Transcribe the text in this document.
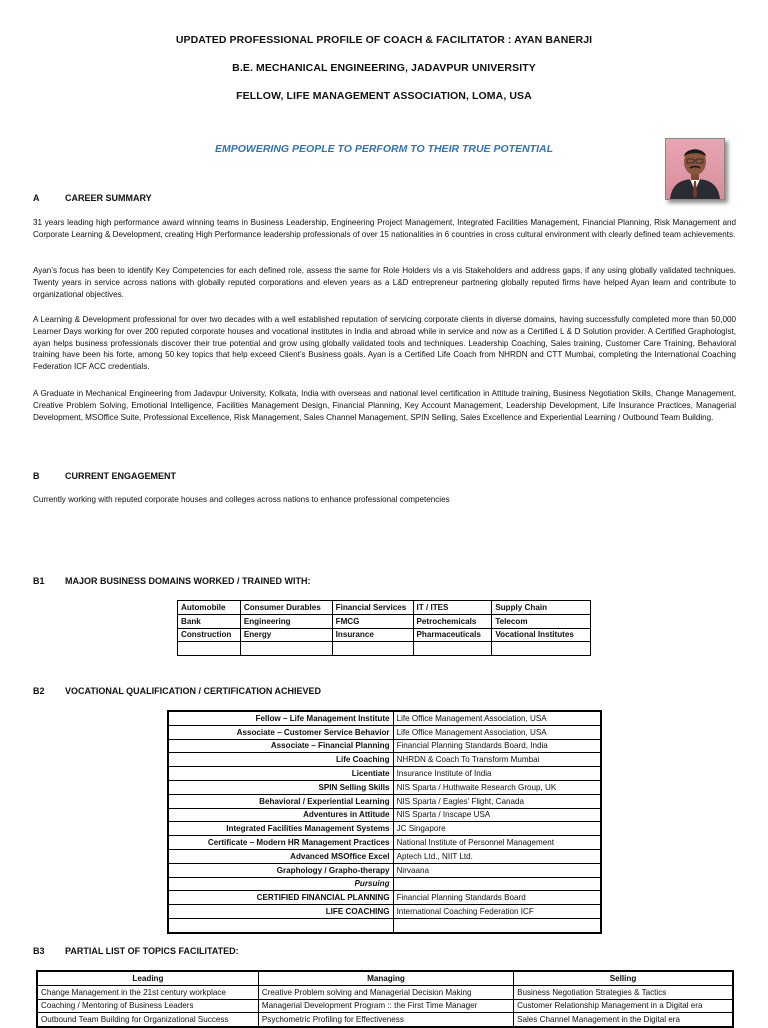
UPDATED PROFESSIONAL PROFILE OF COACH & FACILITATOR : AYAN BANERJI
B.E. MECHANICAL ENGINEERING, JADAVPUR UNIVERSITY
FELLOW, LIFE MANAGEMENT ASSOCIATION, LOMA, USA
EMPOWERING PEOPLE TO PERFORM TO THEIR TRUE POTENTIAL
A	CAREER SUMMARY
31 years leading high performance award winning teams in Business Leadership, Engineering Project Management, Integrated Facilities Management, Financial Planning, Risk Management and Corporate Learning & Development, creating High Performance leadership professionals of over 15 nationalities in 6 countries in cross cultural environment with clearly defined team achievements.
Ayan’s focus has been to identify Key Competencies for each defined role, assess the same for Role Holders vis a vis Stakeholders and address gaps, if any using globally validated techniques. Twenty years in service across nations with globally reputed corporations and eleven years as a L&D entrepreneur partnering globally reputed firms have helped Ayan learn and contribute to organizational objectives.
A Learning & Development professional for over two decades with a well established reputation of servicing corporate clients in diverse domains, having successfully completed more than 50,000 Learner Days working for over 200 reputed corporate houses and vocational institutes in India and abroad while in service and now as a Certified L & D Solution provider. A Certified Graphologist, ayan helps business professionals discover their true potential and grow using globally validated tools and techniques. Leadership Coaching, Sales training, Customer Care Training, Behavioral training have been his forte, among 50 key topics that help exceed Client’s Business goals. Ayan is a Certified Life Coach from NHRDN and CTT Mumbai, completing the International Coaching Federation ICF ACC credentials.
A Graduate in Mechanical Engineering from Jadavpur University, Kolkata, India with overseas and national level certification in Attitude training, Business Negotiation Skills, Change Management, Creative Problem Solving, Emotional Intelligence, Facilities Management Design, Financial Planning, Key Account Management, Leadership Development, Life Insurance Practices, Managerial Development, MSOffice Suite, Professional Excellence, Risk Management, Sales Channel Management, SPIN Selling, Sales Excellence and Experiential Learning / Outbound Team Building.
B	CURRENT ENGAGEMENT
Currently working with reputed corporate houses and colleges across nations to enhance professional competencies
B1 MAJOR BUSINESS DOMAINS WORKED / TRAINED WITH:
Automobile	Consumer Durables	Financial Services	IT / ITES	Supply Chain
Bank	Engineering	FMCG	Petrochemicals	Telecom
Construction	Energy	Insurance	Pharmaceuticals	Vocational Institutes

B2 VOCATIONAL QUALIFICATION / CERTIFICATION ACHIEVED
Fellow – Life Management Institute	Life Office Management Association, USA
Associate – Customer Service Behavior	Life Office Management Association, USA
Associate – Financial Planning	Financial Planning Standards Board, India
Life Coaching	NHRDN & Coach To Transform Mumbai
Licentiate	Insurance Institute of India
SPIN Selling Skills	NIS Sparta / Huthwaite Research Group, UK
Behavioral / Experiential Learning	NIS Sparta / Eagles’ Flight, Canada
Adventures in Attitude	NIS Sparta / Inscape USA
Integrated Facilities Management Systems	JC Singapore
Certificate – Modern HR Management Practices	National Institute of Personnel Management
Advanced MSOffice Excel	Aptech Ltd., NIIT Ltd.
Graphology / Grapho-therapy	Nirvaana
Pursuing	
CERTIFIED FINANCIAL PLANNING	Financial Planning Standards Board
LIFE COACHING	International Coaching Federation ICF

B3 PARTIAL LIST OF TOPICS FACILITATED:
Leading	Managing	Selling
Change Management in the 21st century workplace	Creative Problem solving and Managerial Decision Making	Business Negotiation Strategies & Tactics
Coaching / Mentoring of Business Leaders	Managerial Development Program :: the First Time Manager	Customer Relationship Management in a Digital era
Outbound Team Building for Organizational Success	Psychometric Profiling for Effectiveness	Sales Channel Management in the Digital era
